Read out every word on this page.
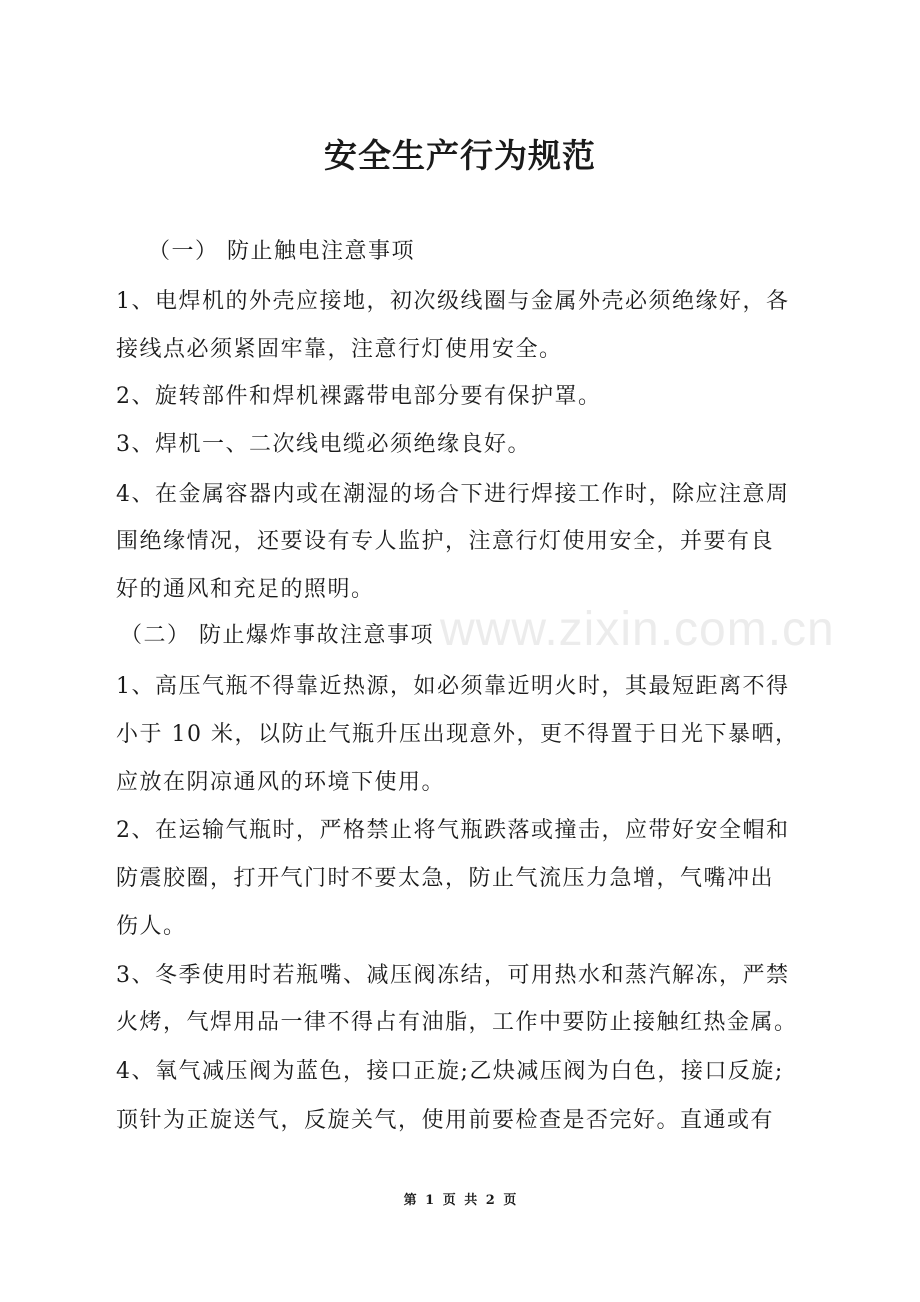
安全生产行为规范
www.zixin.com.cn
（一） 防止触电注意事项
1、电焊机的外壳应接地，初次级线圈与金属外壳必须绝缘好，各
接线点必须紧固牢靠，注意行灯使用安全。
2、旋转部件和焊机裸露带电部分要有保护罩。
3、焊机一、二次线电缆必须绝缘良好。
4、在金属容器内或在潮湿的场合下进行焊接工作时，除应注意周
围绝缘情况，还要设有专人监护，注意行灯使用安全，并要有良
好的通风和充足的照明。
（二） 防止爆炸事故注意事项
1、高压气瓶不得靠近热源，如必须靠近明火时，其最短距离不得
小于 10 米，以防止气瓶升压出现意外，更不得置于日光下暴晒，
应放在阴凉通风的环境下使用。
2、在运输气瓶时，严格禁止将气瓶跌落或撞击，应带好安全帽和
防震胶圈，打开气门时不要太急，防止气流压力急增，气嘴冲出
伤人。
3、冬季使用时若瓶嘴、减压阀冻结，可用热水和蒸汽解冻，严禁
火烤，气焊用品一律不得占有油脂，工作中要防止接触红热金属。
4、氧气减压阀为蓝色，接口正旋;乙炔减压阀为白色，接口反旋;
顶针为正旋送气，反旋关气，使用前要检查是否完好。直通或有
第 1 页 共 2 页
